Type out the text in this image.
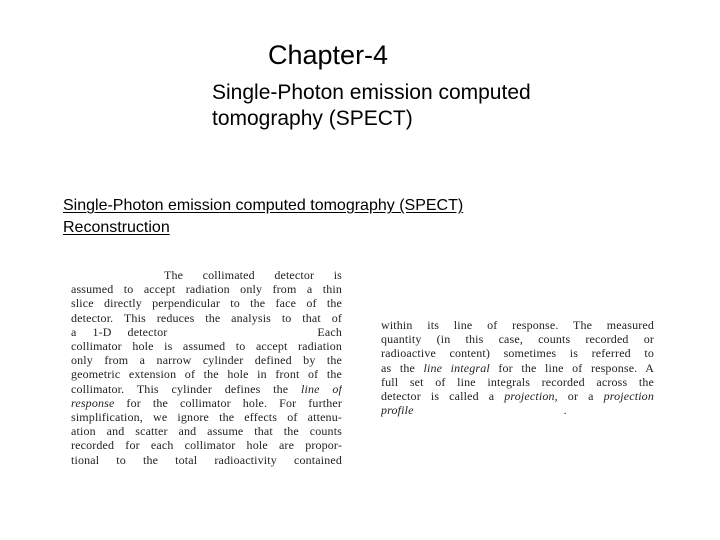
Chapter-4
Single-Photon emission computed
tomography (SPECT)
Single-Photon emission computed tomography (SPECT)
Reconstruction
The collimated detector is
assumed to accept radiation only from a thin
slice directly perpendicular to the face of the
detector. This reduces the analysis to that of
a 1-D detector	Each
collimator hole is assumed to accept radiation
only from a narrow cylinder defined by the
geometric extension of the hole in front of the
collimator. This cylinder defines the line of
response for the collimator hole. For further
simplification, we ignore the effects of attenu-
ation and scatter and assume that the counts
recorded for each collimator hole are propor-
tional to the total radioactivity contained
within its line of response. The measured
quantity (in this case, counts recorded or
radioactive content) sometimes is referred to
as the line integral for the line of response. A
full set of line integrals recorded across the
detector is called a projection, or a projection
profile	.
